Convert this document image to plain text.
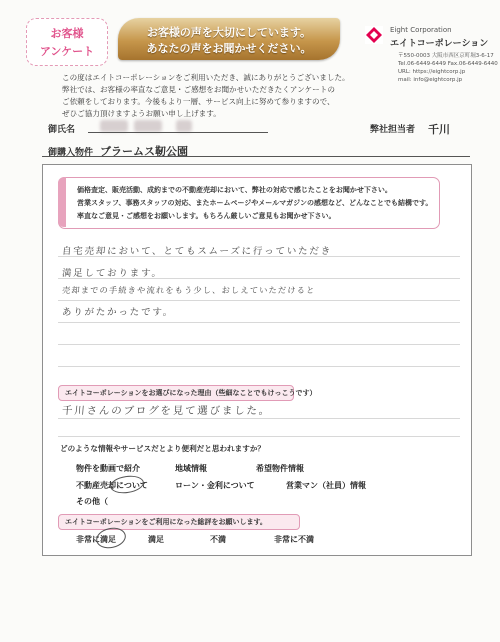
お客様
アンケート
お客様の声を大切にしています。
あなたの声をお聞かせください。
Eight Corporation
エイトコーポレーション
〒550-0003 大阪市西区京町堀3-6-17
Tel.06-6449-6449 Fax.06-6449-6440
URL: https://eightcorp.jp
mail: info@eightcorp.jp
この度はエイトコーポレーションをご利用いただき、誠にありがとうございました。
弊社では、お客様の率直なご意見・ご感想をお聞かせいただきたくアンケートの
ご依頼をしております。今後もより一層、サービス向上に努めて参りますので、
ぜひご協力頂けますようお願い申し上げます。
御氏名	弊社担当者 千川
御購入物件 ブラームス靭公園
価格査定、販売活動、成約までの不動産売却において、弊社の対応で感じたことをお聞かせ下さい。
営業スタッフ、事務スタッフの対応、またホームページやメールマガジンの感想など、どんなことでも結構です。
率直なご意見・ご感想をお願いします。もちろん厳しいご意見もお聞かせ下さい。
自宅売却において、とてもスムーズに行っていただき
満足しております。
売却までの手続きや流れをもう少し、おしえていただけると
ありがたかったです。
エイトコーポレーションをお選びになった理由（些細なことでもけっこうです）
千川さんのブログを見て選びました。
どのような情報やサービスだとより便利だと思われますか？
物件を動画で紹介	地域情報	希望物件情報
不動産売却について	ローン・金利について	営業マン（社員）情報
その他（
エイトコーポレーションをご利用になった総評をお願いします。
非常に満足	満足	不満	非常に不満
